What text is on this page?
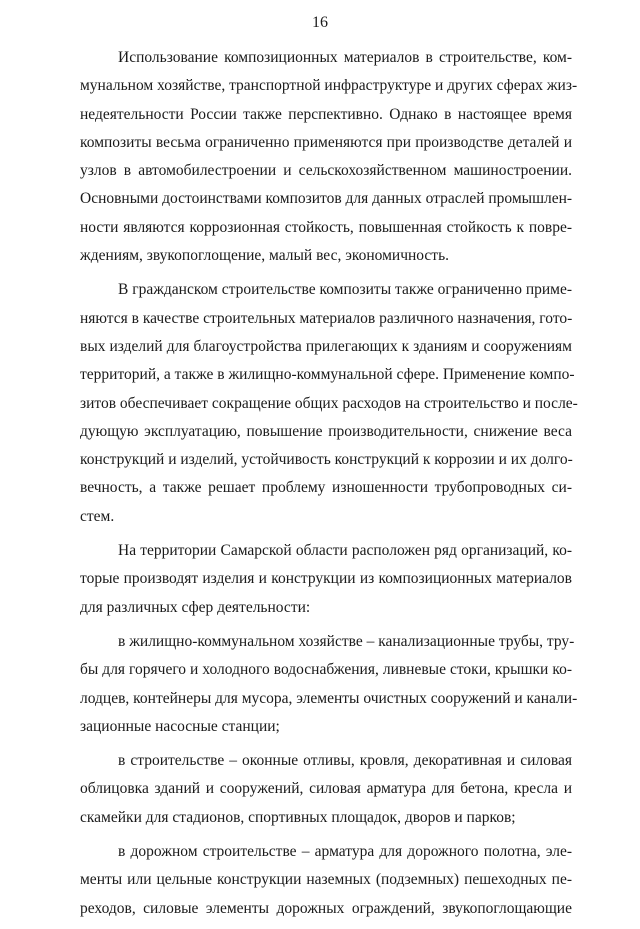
16

Использование композиционных материалов в строительстве, ком-
мунальном хозяйстве, транспортной инфраструктуре и других сферах жиз-
недеятельности России также перспективно. Однако в настоящее время
композиты весьма ограниченно применяются при производстве деталей и
узлов в автомобилестроении и сельскохозяйственном машиностроении.
Основными достоинствами композитов для данных отраслей промышлен-
ности являются коррозионная стойкость, повышенная стойкость к повре-
ждениям, звукопоглощение, малый вес, экономичность.

В гражданском строительстве композиты также ограниченно приме-
няются в качестве строительных материалов различного назначения, гото-
вых изделий для благоустройства прилегающих к зданиям и сооружениям
территорий, а также в жилищно-коммунальной сфере. Применение компо-
зитов обеспечивает сокращение общих расходов на строительство и после-
дующую эксплуатацию, повышение производительности, снижение веса
конструкций и изделий, устойчивость конструкций к коррозии и их долго-
вечность, а также решает проблему изношенности трубопроводных си-
стем.

На территории Самарской области расположен ряд организаций, ко-
торые производят изделия и конструкции из композиционных материалов
для различных сфер деятельности:

в жилищно-коммунальном хозяйстве – канализационные трубы, тру-
бы для горячего и холодного водоснабжения, ливневые стоки, крышки ко-
лодцев, контейнеры для мусора, элементы очистных сооружений и канали-
зационные насосные станции;

в строительстве – оконные отливы, кровля, декоративная и силовая
облицовка зданий и сооружений, силовая арматура для бетона, кресла и
скамейки для стадионов, спортивных площадок, дворов и парков;

в дорожном строительстве – арматура для дорожного полотна, эле-
менты или цельные конструкции наземных (подземных) пешеходных пе-
реходов, силовые элементы дорожных ограждений, звукопоглощающие
